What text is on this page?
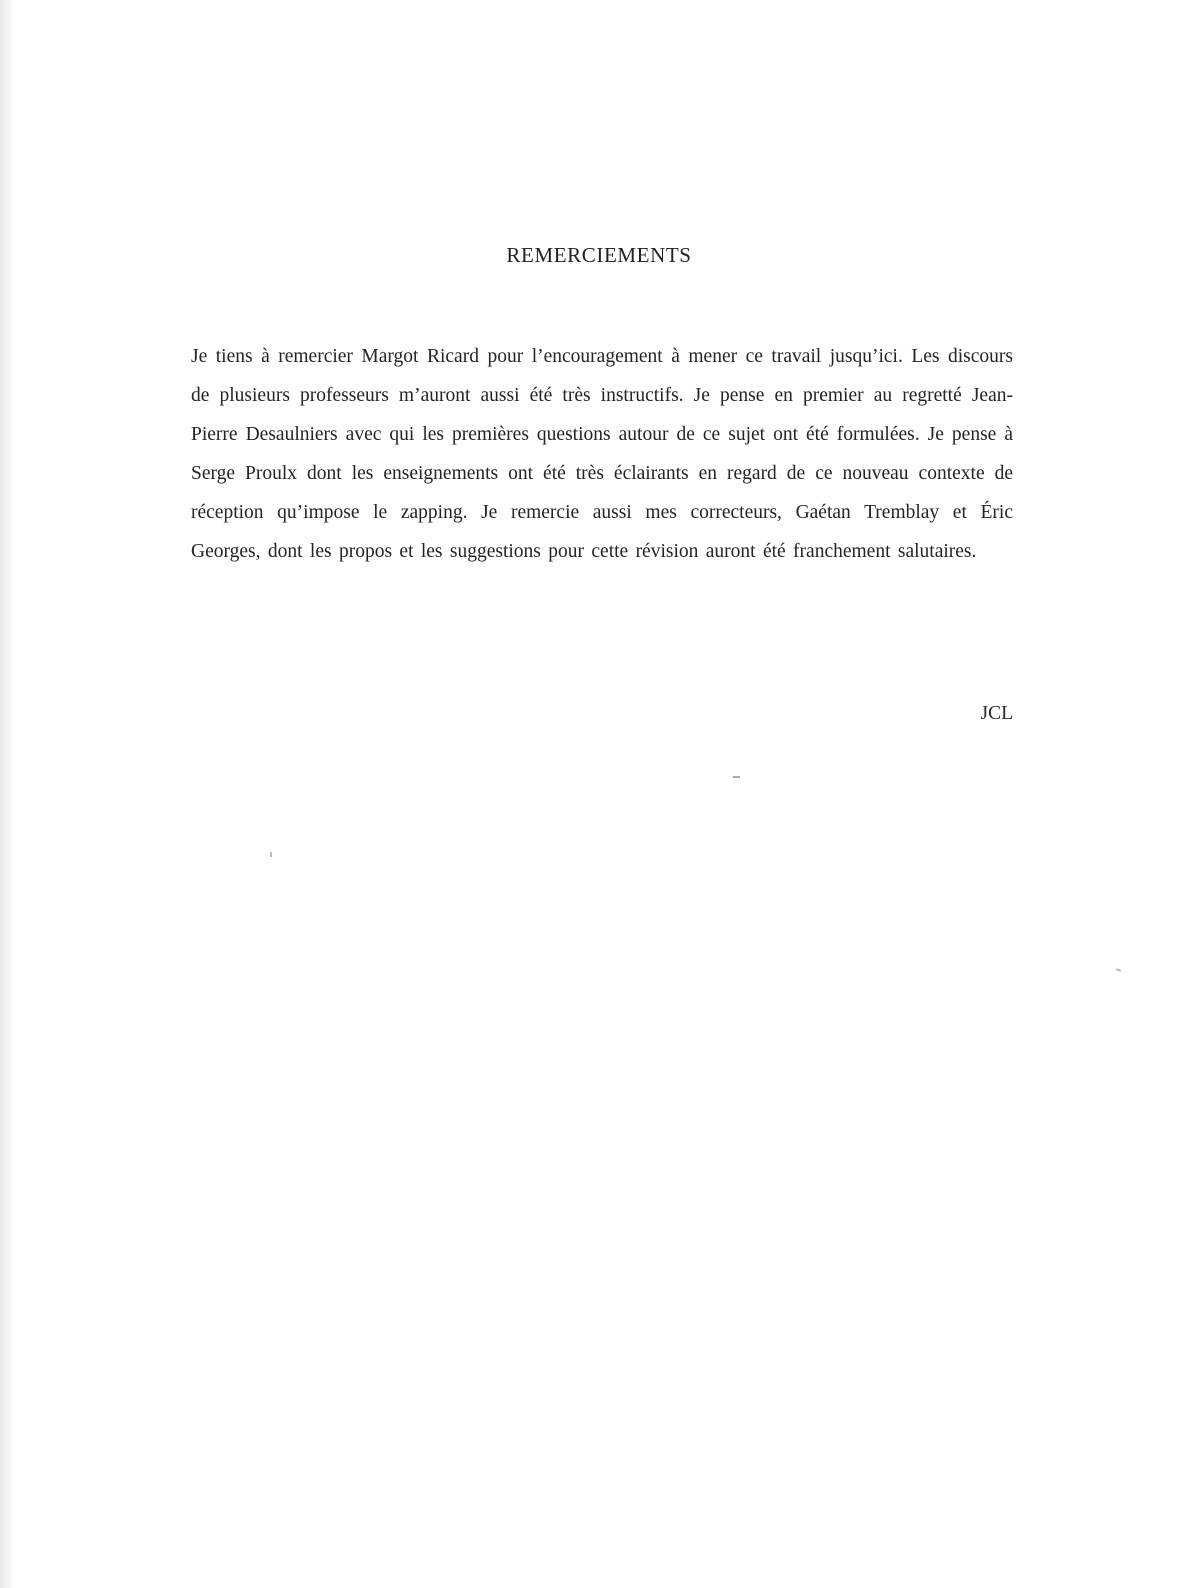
REMERCIEMENTS
Je tiens à remercier Margot Ricard pour l’encouragement à mener ce travail jusqu’ici. Les discours de plusieurs professeurs m’auront aussi été très instructifs. Je pense en premier au regretté Jean-Pierre Desaulniers avec qui les premières questions autour de ce sujet ont été formulées. Je pense à Serge Proulx dont les enseignements ont été très éclairants en regard de ce nouveau contexte de réception qu’impose le zapping. Je remercie aussi mes correcteurs, Gaétan Tremblay et Éric Georges, dont les propos et les suggestions pour cette révision auront été franchement salutaires.
JCL
